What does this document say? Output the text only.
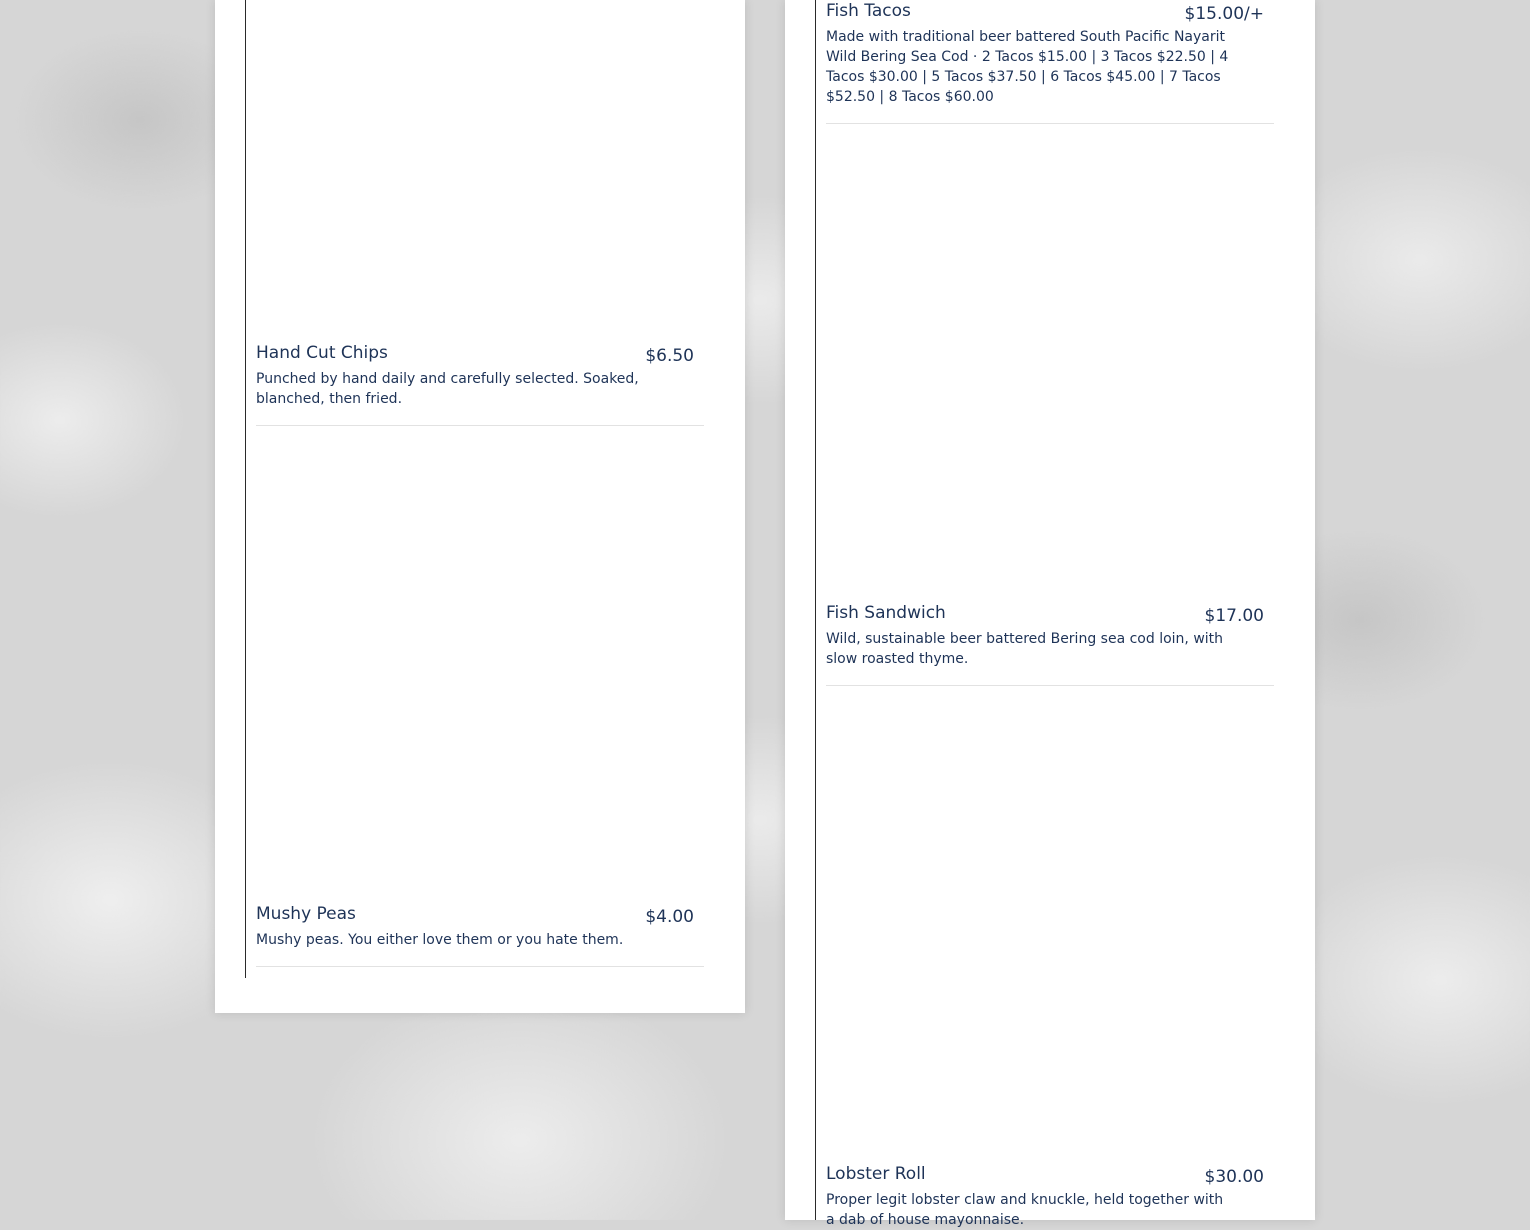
Hand Cut Chips	$6.50
Punched by hand daily and carefully selected. Soaked, blanched, then fried.
Mushy Peas	$4.00
Mushy peas. You either love them or you hate them.
Fish Tacos	$15.00/+
Made with traditional beer battered South Pacific Nayarit Wild Bering Sea Cod · 2 Tacos $15.00 | 3 Tacos $22.50 | 4 Tacos $30.00 | 5 Tacos $37.50 | 6 Tacos $45.00 | 7 Tacos $52.50 | 8 Tacos $60.00
Fish Sandwich	$17.00
Wild, sustainable beer battered Bering sea cod loin, with slow roasted thyme.
Lobster Roll	$30.00
Proper legit lobster claw and knuckle, held together with a dab of house mayonnaise.
